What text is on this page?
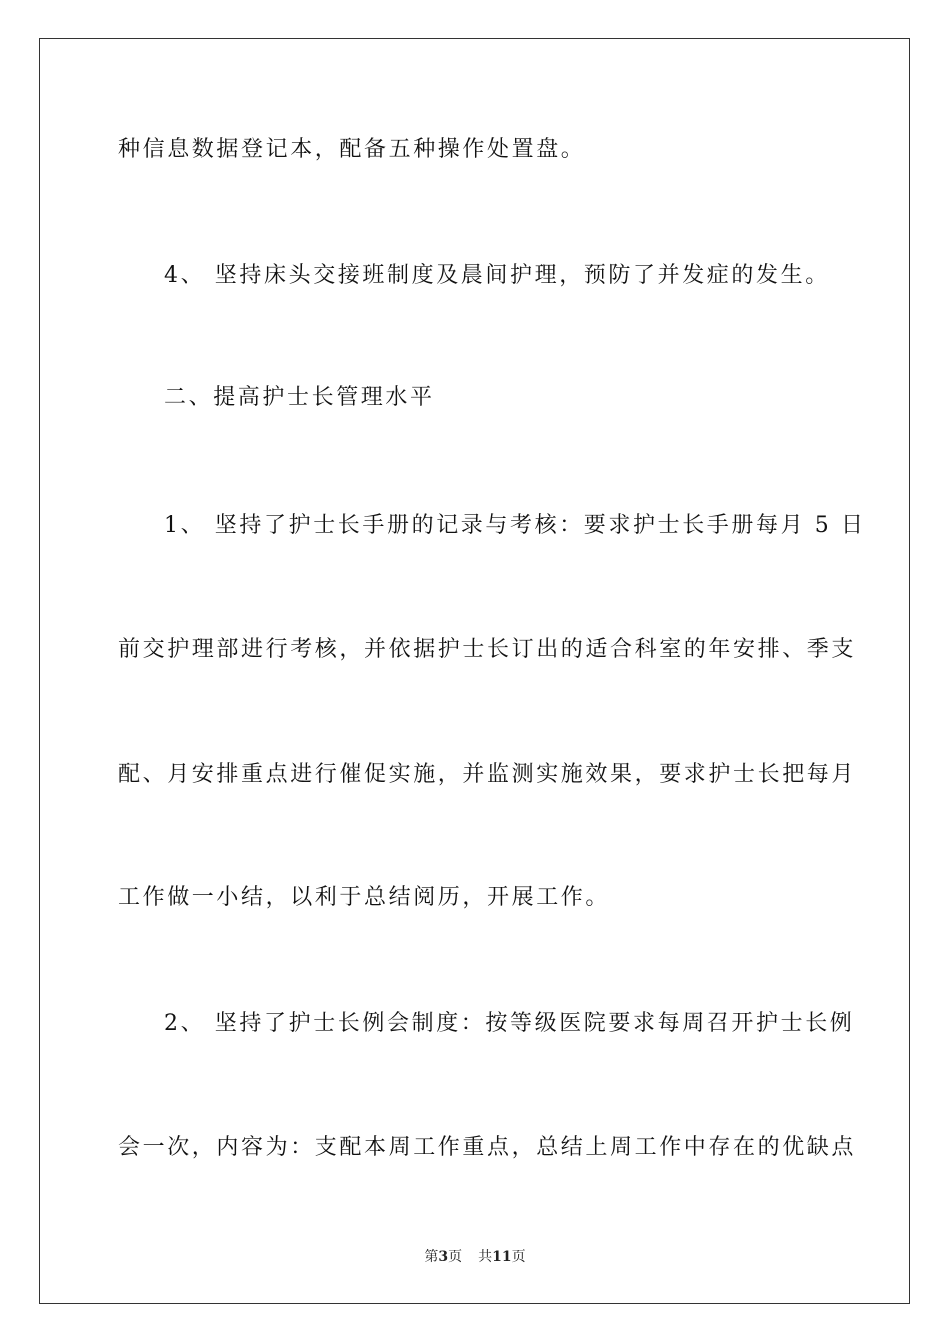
种信息数据登记本，配备五种操作处置盘。
4、 坚持床头交接班制度及晨间护理，预防了并发症的发生。
二、提高护士长管理水平
1、 坚持了护士长手册的记录与考核：要求护士长手册每月 5 日
前交护理部进行考核，并依据护士长订出的适合科室的年安排、季支
配、月安排重点进行催促实施，并监测实施效果，要求护士长把每月
工作做一小结，以利于总结阅历，开展工作。
2、 坚持了护士长例会制度：按等级医院要求每周召开护士长例
会一次，内容为：支配本周工作重点，总结上周工作中存在的优缺点
第3页 共11页
